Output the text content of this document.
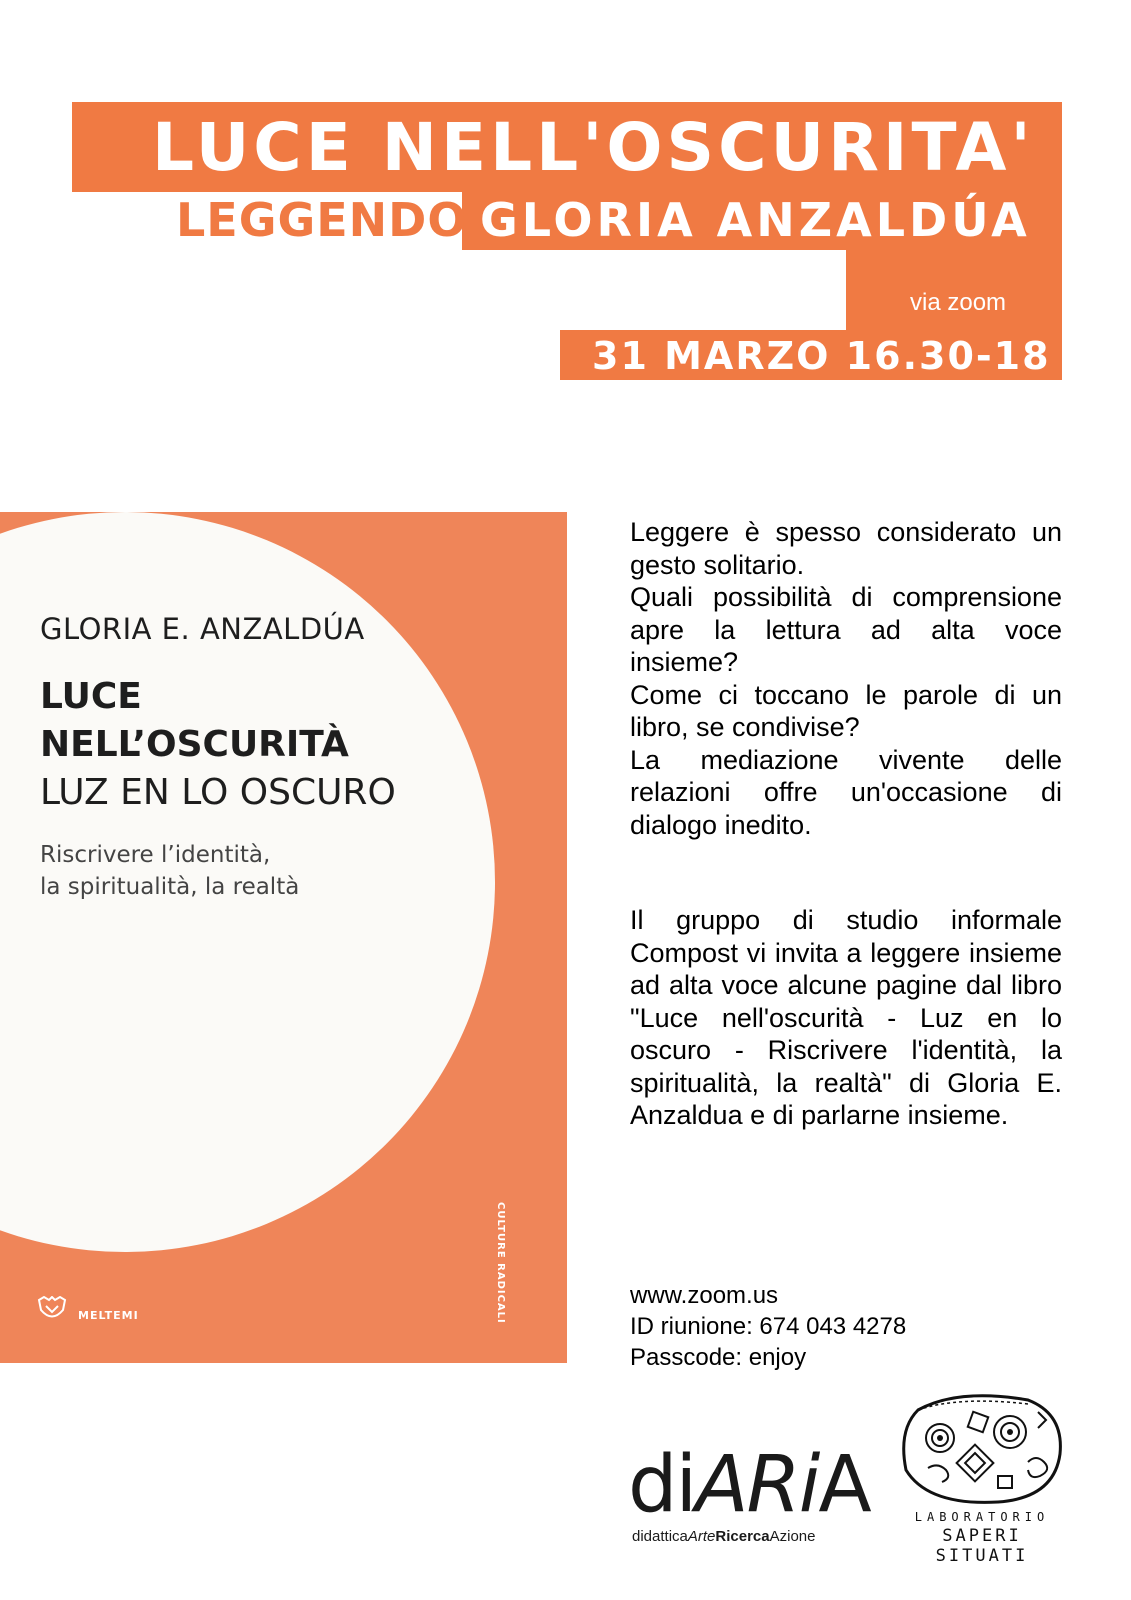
LUCE NELL'OSCURITA'
LEGGENDO GLORIA ANZALDÚA
via zoom
31 MARZO 16.30-18
GLORIA E. ANZALDÚA
LUCE
NELL’OSCURITÀ
LUZ EN LO OSCURO
Riscrivere l’identità,
la spiritualità, la realtà
MELTEMI	CULTURE RADICALI
Leggere è spesso considerato un gesto solitario.
Quali possibilità di comprensione apre la lettura ad alta voce insieme?
Come ci toccano le parole di un libro, se condivise?
La mediazione vivente delle relazioni offre un'occasione di dialogo inedito.
Il gruppo di studio informale Compost vi invita a leggere insieme ad alta voce alcune pagine dal libro "Luce nell'oscurità - Luz en lo oscuro - Riscrivere l'identità, la spiritualità, la realtà" di Gloria E. Anzaldua e di parlarne insieme.
www.zoom.us
ID riunione: 674 043 4278
Passcode: enjoy
diARiA
didatticaArteRicercaAzione
LABORATORIO
SAPERI SITUATI
